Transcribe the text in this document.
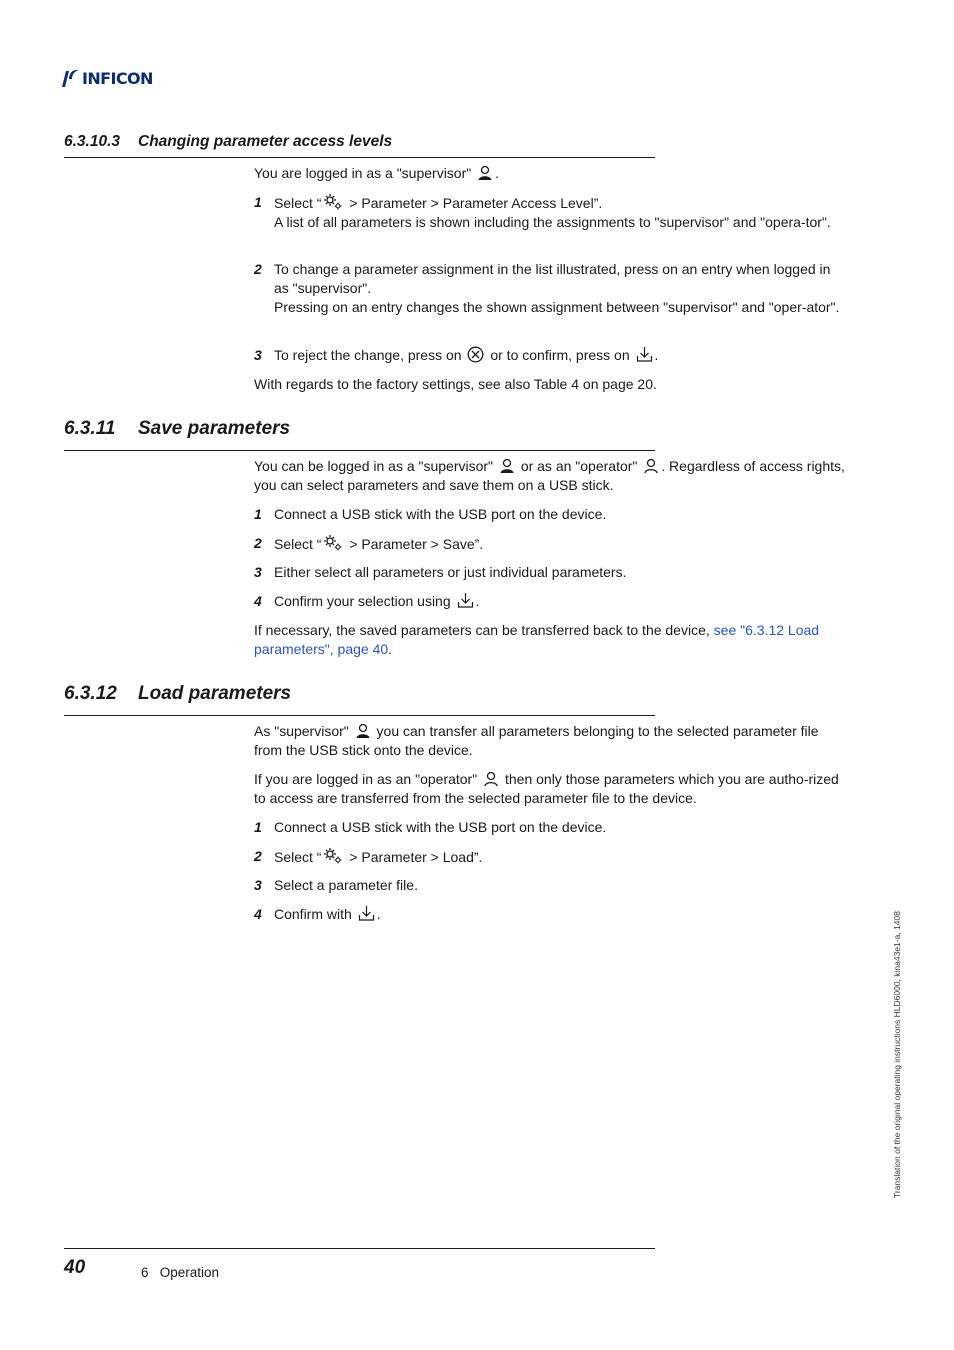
INFICON
6.3.10.3 Changing parameter access levels
You are logged in as a "supervisor" .
1 Select “ > Parameter > Parameter Access Level”.
A list of all parameters is shown including the assignments to "supervisor" and "opera-tor".
2 To change a parameter assignment in the list illustrated, press on an entry when logged in as "supervisor".
Pressing on an entry changes the shown assignment between "supervisor" and "oper-ator".
3 To reject the change, press on or to confirm, press on .
With regards to the factory settings, see also Table 4 on page 20.
6.3.11 Save parameters
You can be logged in as a "supervisor" or as an "operator" . Regardless of access rights, you can select parameters and save them on a USB stick.
1 Connect a USB stick with the USB port on the device.
2 Select “ > Parameter > Save”.
3 Either select all parameters or just individual parameters.
4 Confirm your selection using .
If necessary, the saved parameters can be transferred back to the device, see "6.3.12 Load parameters", page 40.
6.3.12 Load parameters
As "supervisor" you can transfer all parameters belonging to the selected parameter file from the USB stick onto the device.
If you are logged in as an "operator" then only those parameters which you are autho-rized to access are transferred from the selected parameter file to the device.
1 Connect a USB stick with the USB port on the device.
2 Select “ > Parameter > Load”.
3 Select a parameter file.
4 Confirm with .	Translation of the original operating instructions HLD6000, kina43e1-a, 1408
40	6   Operation
